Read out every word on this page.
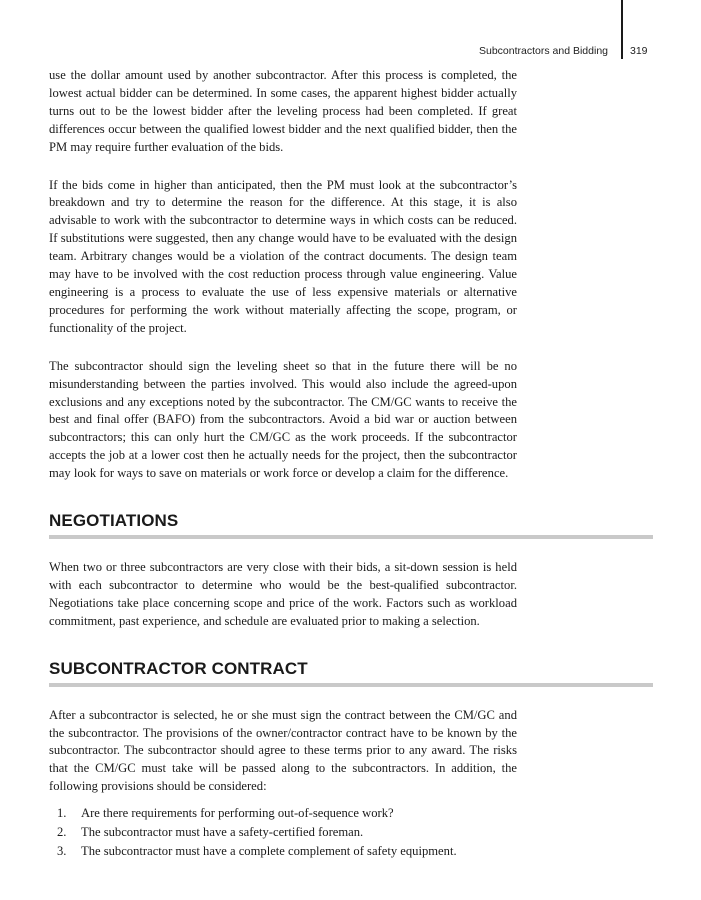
Subcontractors and Bidding 319

use the dollar amount used by another subcontractor. After this process is completed, the lowest actual bidder can be determined. In some cases, the apparent highest bidder actually turns out to be the lowest bidder after the leveling process had been completed. If great differences occur between the qualified lowest bidder and the next qualified bidder, then the PM may require further evaluation of the bids.

If the bids come in higher than anticipated, then the PM must look at the subcontractor’s breakdown and try to determine the reason for the difference. At this stage, it is also advisable to work with the subcontractor to determine ways in which costs can be reduced. If substitutions were suggested, then any change would have to be evaluated with the design team. Arbitrary changes would be a violation of the contract documents. The design team may have to be involved with the cost reduction process through value engineering. Value engineering is a process to evaluate the use of less expensive materials or alternative procedures for performing the work without materially affecting the scope, program, or functionality of the project.

The subcontractor should sign the leveling sheet so that in the future there will be no misunderstanding between the parties involved. This would also include the agreed-upon exclusions and any exceptions noted by the subcontractor. The CM/GC wants to receive the best and final offer (BAFO) from the subcontractors. Avoid a bid war or auction between subcontractors; this can only hurt the CM/GC as the work proceeds. If the subcontractor accepts the job at a lower cost then he actually needs for the project, then the subcontractor may look for ways to save on materials or work force or develop a claim for the difference.

NEGOTIATIONS

When two or three subcontractors are very close with their bids, a sit-down session is held with each subcontractor to determine who would be the best-qualified subcontractor. Negotiations take place concerning scope and price of the work. Factors such as workload commitment, past experience, and schedule are evaluated prior to making a selection.

SUBCONTRACTOR CONTRACT

After a subcontractor is selected, he or she must sign the contract between the CM/GC and the subcontractor. The provisions of the owner/contractor contract have to be known by the subcontractor. The subcontractor should agree to these terms prior to any award. The risks that the CM/GC must take will be passed along to the subcontractors. In addition, the following provisions should be considered:

1.	Are there requirements for performing out-of-sequence work?
2.	The subcontractor must have a safety-certified foreman.
3.	The subcontractor must have a complete complement of safety equipment.
